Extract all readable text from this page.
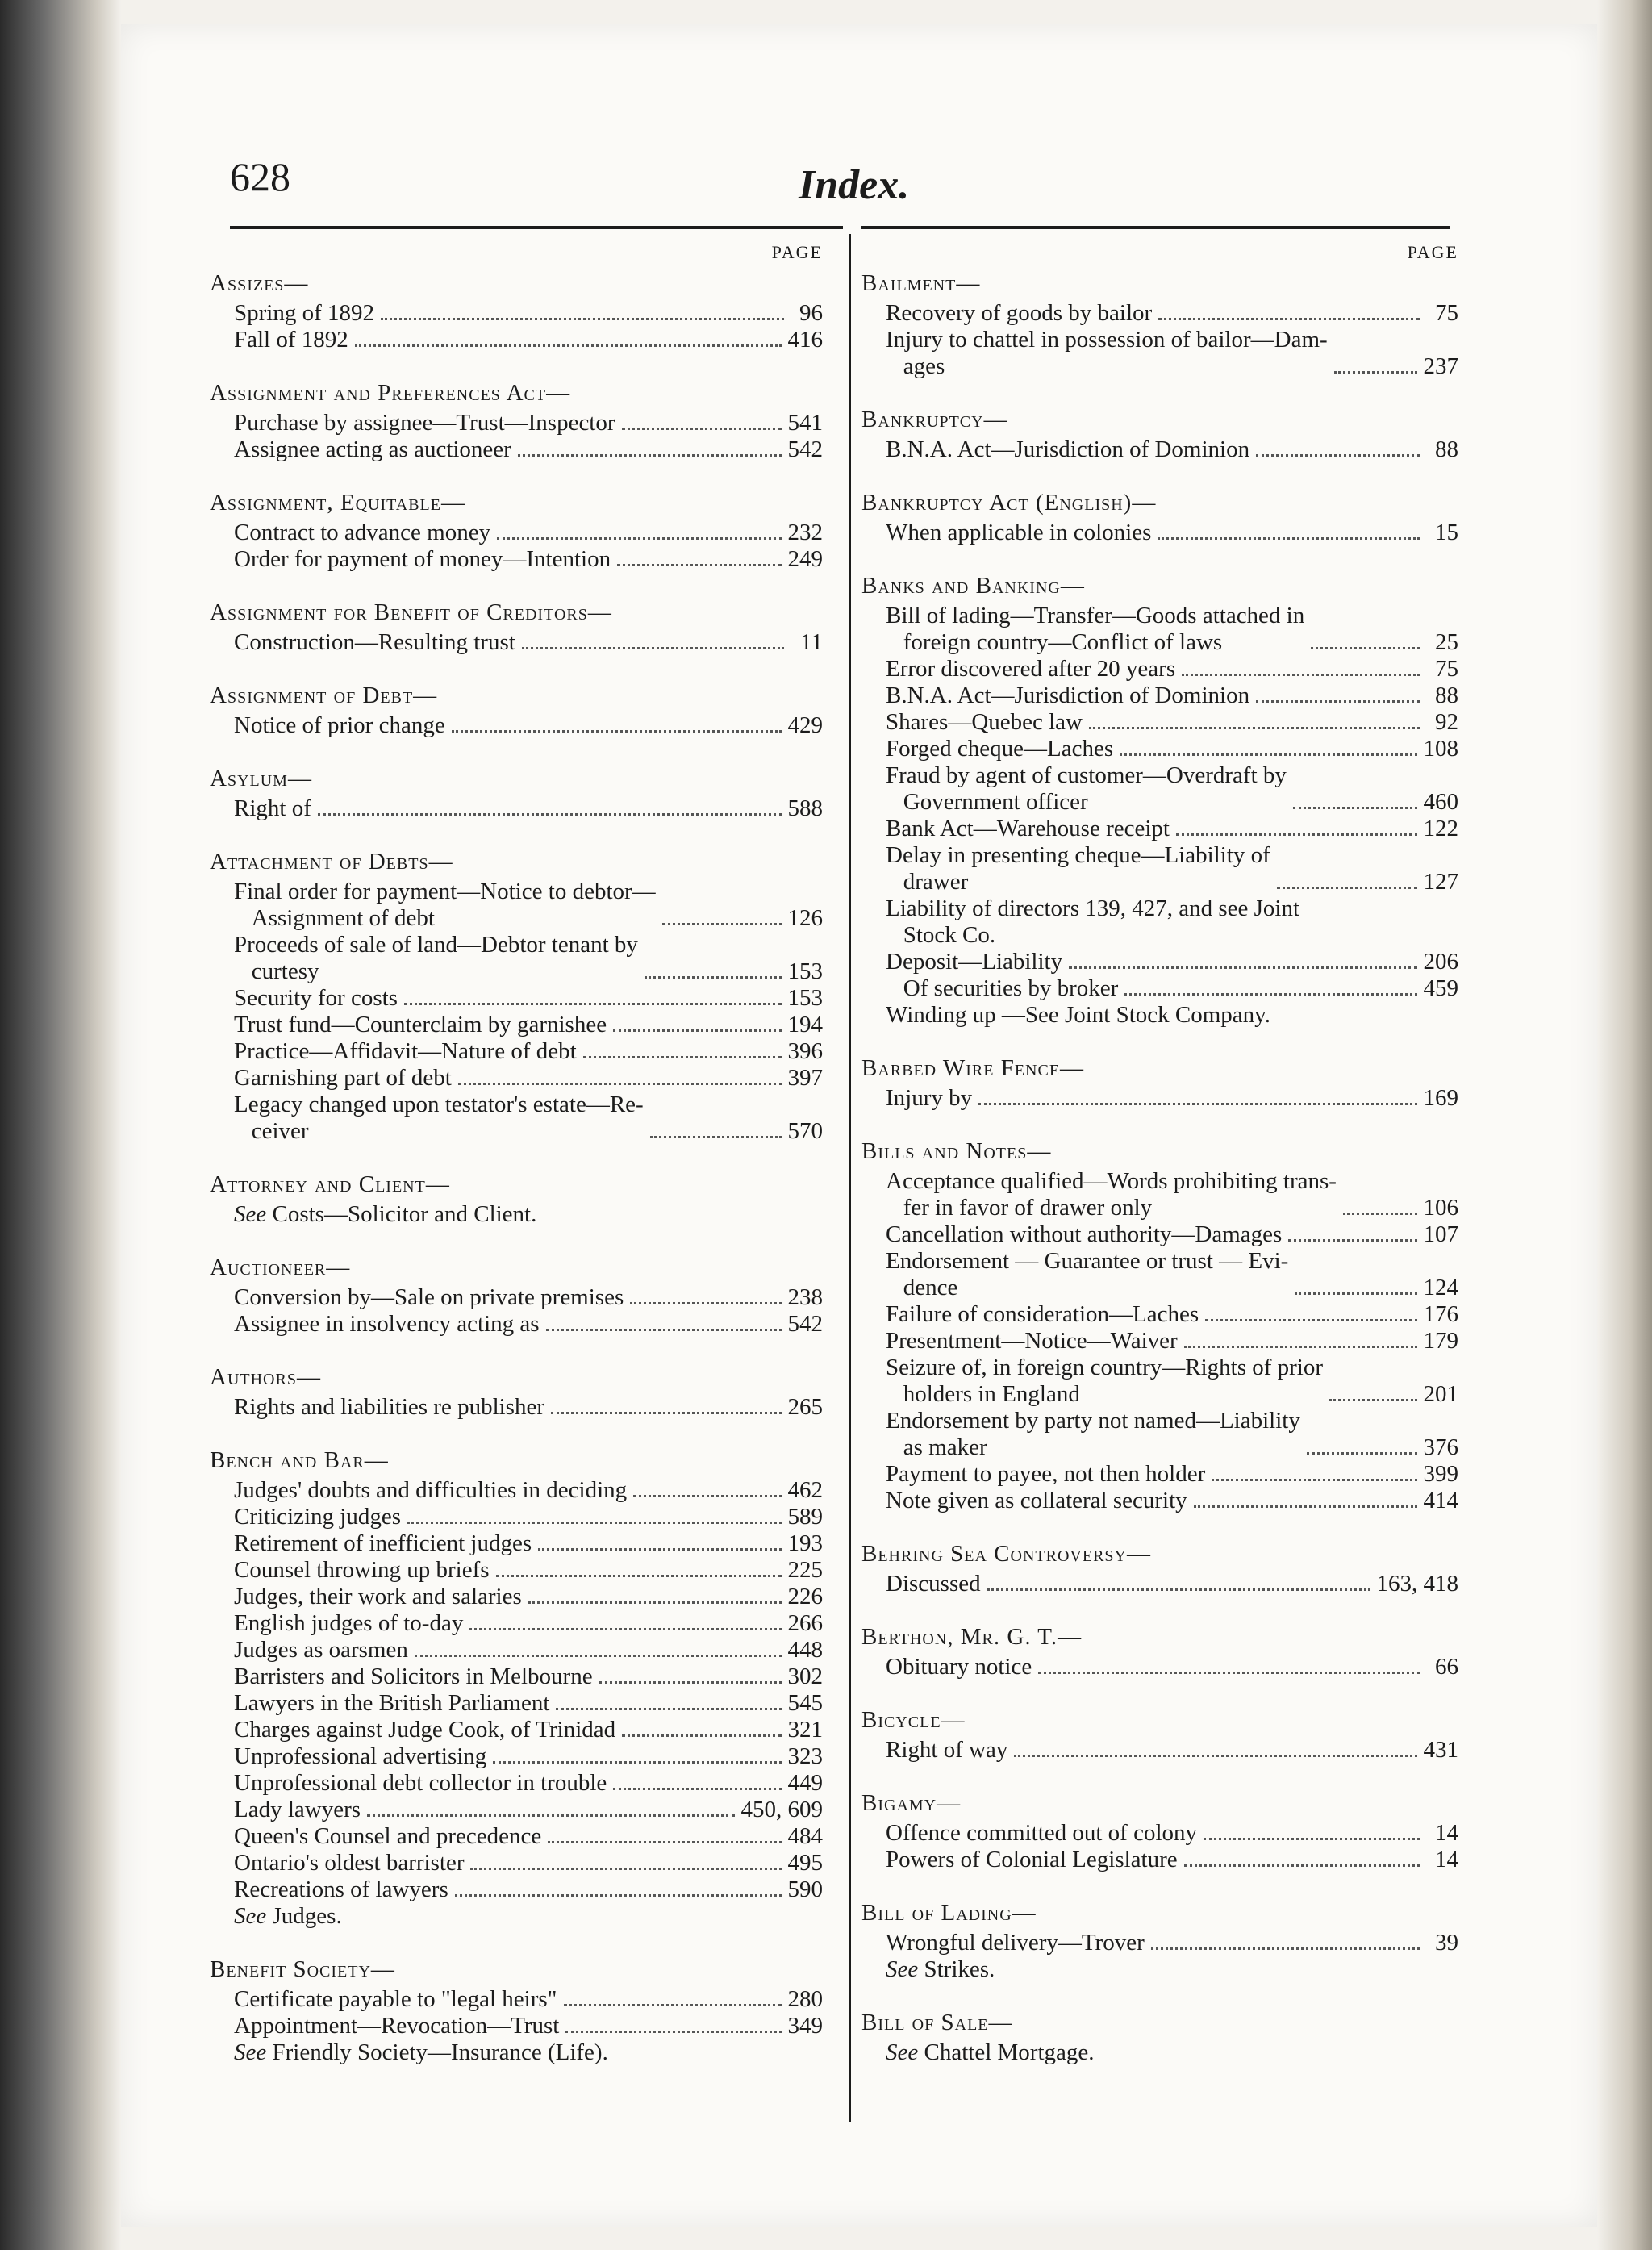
628	Index.
PAGE
Assizes—
Spring of 1892	96
Fall of 1892	416
Assignment and Preferences Act—
Purchase by assignee—Trust—Inspector	541
Assignee acting as auctioneer	542
Assignment, Equitable—
Contract to advance money	232
Order for payment of money—Intention	249
Assignment for Benefit of Creditors—
Construction—Resulting trust	11
Assignment of Debt—
Notice of prior change	429
Asylum—
Right of	588
Attachment of Debts—
Final order for payment—Notice to debtor—
Assignment of debt	126
Proceeds of sale of land—Debtor tenant by
curtesy	153
Security for costs	153
Trust fund—Counterclaim by garnishee	194
Practice—Affidavit—Nature of debt	396
Garnishing part of debt	397
Legacy changed upon testator's estate—Re-
ceiver	570
Attorney and Client—
See Costs—Solicitor and Client.
Auctioneer—
Conversion by—Sale on private premises	238
Assignee in insolvency acting as	542
Authors—
Rights and liabilities re publisher	265
Bench and Bar—
Judges' doubts and difficulties in deciding	462
Criticizing judges	589
Retirement of inefficient judges	193
Counsel throwing up briefs	225
Judges, their work and salaries	226
English judges of to-day	266
Judges as oarsmen	448
Barristers and Solicitors in Melbourne	302
Lawyers in the British Parliament	545
Charges against Judge Cook, of Trinidad	321
Unprofessional advertising	323
Unprofessional debt collector in trouble	449
Lady lawyers	450, 609
Queen's Counsel and precedence	484
Ontario's oldest barrister	495
Recreations of lawyers	590
See Judges.
Benefit Society—
Certificate payable to "legal heirs"	280
Appointment—Revocation—Trust	349
See Friendly Society—Insurance (Life).
PAGE
Bailment—
Recovery of goods by bailor	75
Injury to chattel in possession of bailor—Dam-
ages	237
Bankruptcy—
B.N.A. Act—Jurisdiction of Dominion	88
Bankruptcy Act (English)—
When applicable in colonies	15
Banks and Banking—
Bill of lading—Transfer—Goods attached in
foreign country—Conflict of laws	25
Error discovered after 20 years	75
B.N.A. Act—Jurisdiction of Dominion	88
Shares—Quebec law	92
Forged cheque—Laches	108
Fraud by agent of customer—Overdraft by
Government officer	460
Bank Act—Warehouse receipt	122
Delay in presenting cheque—Liability of
drawer	127
Liability of directors 139, 427, and see Joint
Stock Co.
Deposit—Liability	206
Of securities by broker	459
Winding up —See Joint Stock Company.
Barbed Wire Fence—
Injury by	169
Bills and Notes—
Acceptance qualified—Words prohibiting trans-
fer in favor of drawer only	106
Cancellation without authority—Damages	107
Endorsement — Guarantee or trust — Evi-
dence	124
Failure of consideration—Laches	176
Presentment—Notice—Waiver	179
Seizure of, in foreign country—Rights of prior
holders in England	201
Endorsement by party not named—Liability
as maker	376
Payment to payee, not then holder	399
Note given as collateral security	414
Behring Sea Controversy—
Discussed	163, 418
Berthon, Mr. G. T.—
Obituary notice	66
Bicycle—
Right of way	431
Bigamy—
Offence committed out of colony	14
Powers of Colonial Legislature	14
Bill of Lading—
Wrongful delivery—Trover	39
See Strikes.
Bill of Sale—
See Chattel Mortgage.
